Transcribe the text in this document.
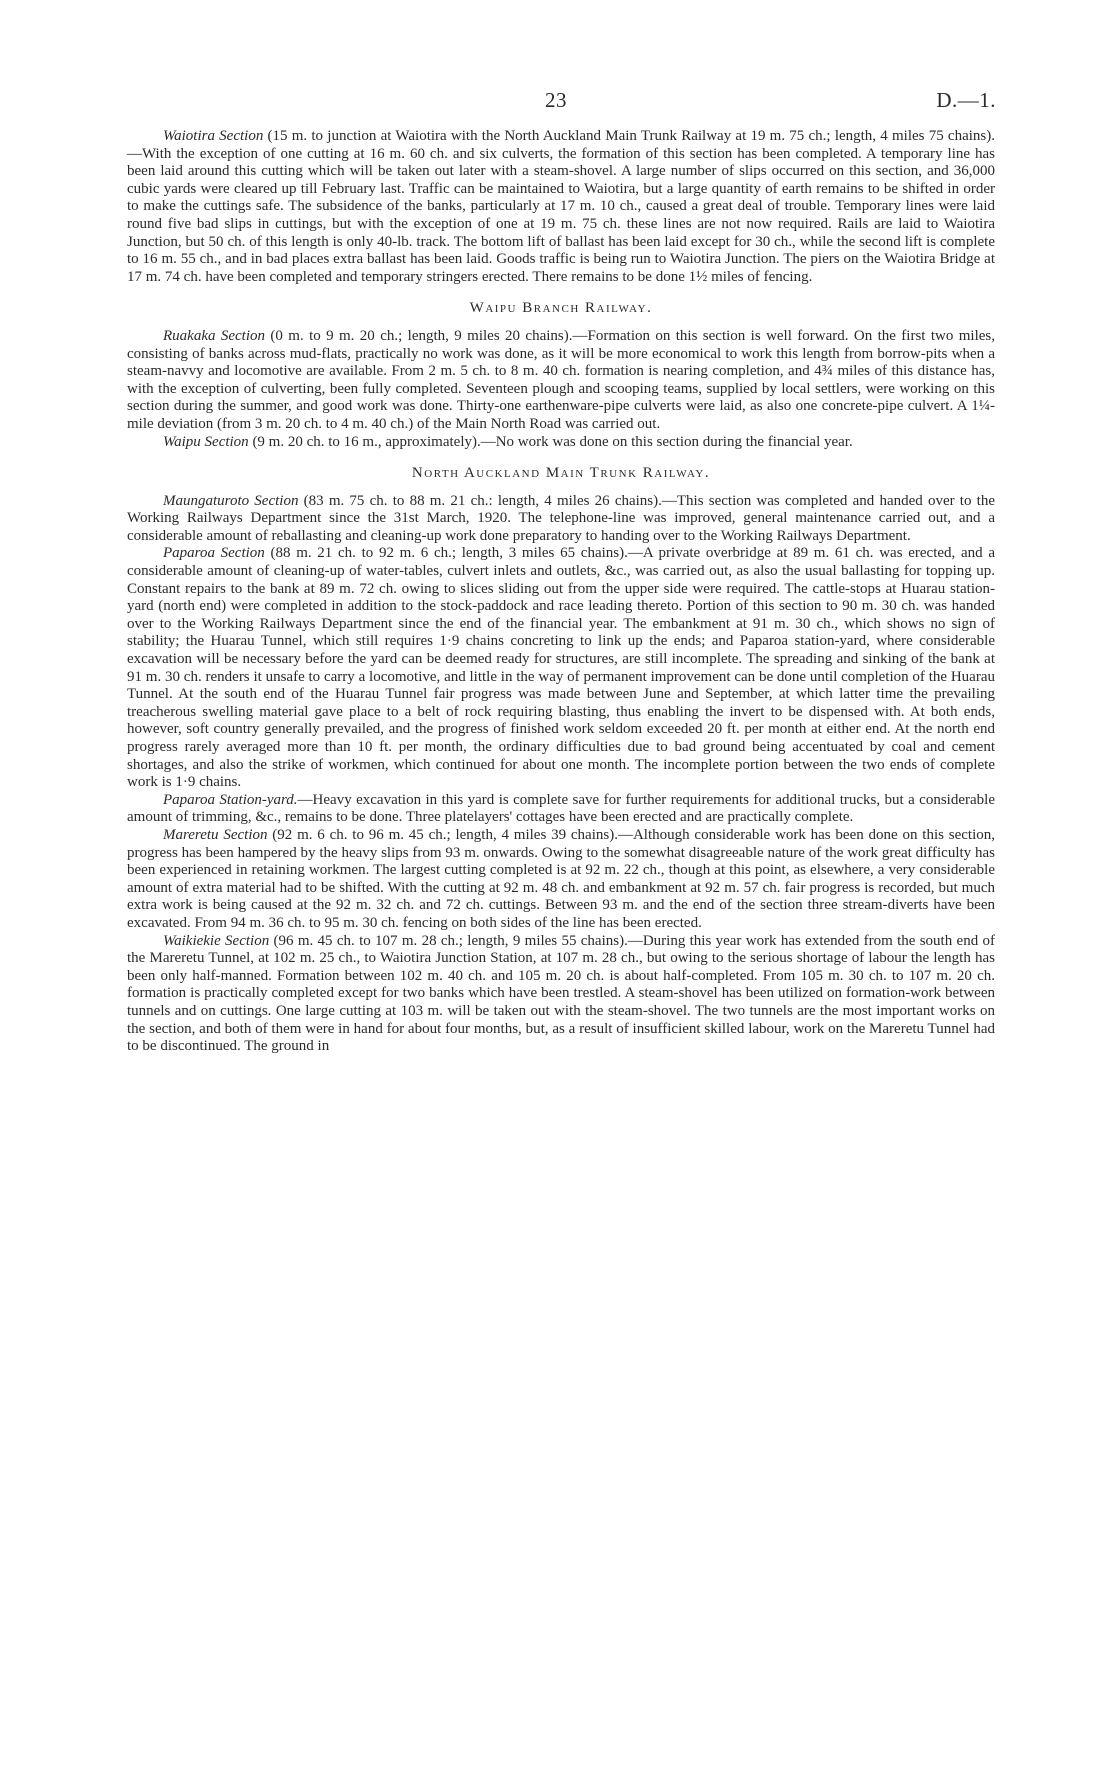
23	D.—1.

Waiotira Section (15 m. to junction at Waiotira with the North Auckland Main Trunk Railway at 19 m. 75 ch.; length, 4 miles 75 chains).—With the exception of one cutting at 16 m. 60 ch. and six culverts, the formation of this section has been completed. A temporary line has been laid around this cutting which will be taken out later with a steam-shovel. A large number of slips occurred on this section, and 36,000 cubic yards were cleared up till February last. Traffic can be maintained to Waiotira, but a large quantity of earth remains to be shifted in order to make the cuttings safe. The subsidence of the banks, particularly at 17 m. 10 ch., caused a great deal of trouble. Temporary lines were laid round five bad slips in cuttings, but with the exception of one at 19 m. 75 ch. these lines are not now required. Rails are laid to Waiotira Junction, but 50 ch. of this length is only 40-lb. track. The bottom lift of ballast has been laid except for 30 ch., while the second lift is complete to 16 m. 55 ch., and in bad places extra ballast has been laid. Goods traffic is being run to Waiotira Junction. The piers on the Waiotira Bridge at 17 m. 74 ch. have been completed and temporary stringers erected. There remains to be done 1½ miles of fencing.

Waipu Branch Railway.

Ruakaka Section (0 m. to 9 m. 20 ch.; length, 9 miles 20 chains).—Formation on this section is well forward. On the first two miles, consisting of banks across mud-flats, practically no work was done, as it will be more economical to work this length from borrow-pits when a steam-navvy and locomotive are available. From 2 m. 5 ch. to 8 m. 40 ch. formation is nearing completion, and 4¾ miles of this distance has, with the exception of culverting, been fully completed. Seventeen plough and scooping teams, supplied by local settlers, were working on this section during the summer, and good work was done. Thirty-one earthenware-pipe culverts were laid, as also one concrete-pipe culvert. A 1¼-mile deviation (from 3 m. 20 ch. to 4 m. 40 ch.) of the Main North Road was carried out.

Waipu Section (9 m. 20 ch. to 16 m., approximately).—No work was done on this section during the financial year.

North Auckland Main Trunk Railway.

Maungaturoto Section (83 m. 75 ch. to 88 m. 21 ch.: length, 4 miles 26 chains).—This section was completed and handed over to the Working Railways Department since the 31st March, 1920. The telephone-line was improved, general maintenance carried out, and a considerable amount of reballasting and cleaning-up work done preparatory to handing over to the Working Railways Department.

Paparoa Section (88 m. 21 ch. to 92 m. 6 ch.; length, 3 miles 65 chains).—A private overbridge at 89 m. 61 ch. was erected, and a considerable amount of cleaning-up of water-tables, culvert inlets and outlets, &c., was carried out, as also the usual ballasting for topping up. Constant repairs to the bank at 89 m. 72 ch. owing to slices sliding out from the upper side were required. The cattle-stops at Huarau station-yard (north end) were completed in addition to the stock-paddock and race leading thereto. Portion of this section to 90 m. 30 ch. was handed over to the Working Railways Department since the end of the financial year. The embankment at 91 m. 30 ch., which shows no sign of stability; the Huarau Tunnel, which still requires 1·9 chains concreting to link up the ends; and Paparoa station-yard, where considerable excavation will be necessary before the yard can be deemed ready for structures, are still incomplete. The spreading and sinking of the bank at 91 m. 30 ch. renders it unsafe to carry a locomotive, and little in the way of permanent improvement can be done until completion of the Huarau Tunnel. At the south end of the Huarau Tunnel fair progress was made between June and September, at which latter time the prevailing treacherous swelling material gave place to a belt of rock requiring blasting, thus enabling the invert to be dispensed with. At both ends, however, soft country generally prevailed, and the progress of finished work seldom exceeded 20 ft. per month at either end. At the north end progress rarely averaged more than 10 ft. per month, the ordinary difficulties due to bad ground being accentuated by coal and cement shortages, and also the strike of workmen, which continued for about one month. The incomplete portion between the two ends of complete work is 1·9 chains.

Paparoa Station-yard.—Heavy excavation in this yard is complete save for further requirements for additional trucks, but a considerable amount of trimming, &c., remains to be done. Three platelayers' cottages have been erected and are practically complete.

Mareretu Section (92 m. 6 ch. to 96 m. 45 ch.; length, 4 miles 39 chains).—Although considerable work has been done on this section, progress has been hampered by the heavy slips from 93 m. onwards. Owing to the somewhat disagreeable nature of the work great difficulty has been experienced in retaining workmen. The largest cutting completed is at 92 m. 22 ch., though at this point, as elsewhere, a very considerable amount of extra material had to be shifted. With the cutting at 92 m. 48 ch. and embankment at 92 m. 57 ch. fair progress is recorded, but much extra work is being caused at the 92 m. 32 ch. and 72 ch. cuttings. Between 93 m. and the end of the section three stream-diverts have been excavated. From 94 m. 36 ch. to 95 m. 30 ch. fencing on both sides of the line has been erected.

Waikiekie Section (96 m. 45 ch. to 107 m. 28 ch.; length, 9 miles 55 chains).—During this year work has extended from the south end of the Mareretu Tunnel, at 102 m. 25 ch., to Waiotira Junction Station, at 107 m. 28 ch., but owing to the serious shortage of labour the length has been only half-manned. Formation between 102 m. 40 ch. and 105 m. 20 ch. is about half-completed. From 105 m. 30 ch. to 107 m. 20 ch. formation is practically completed except for two banks which have been trestled. A steam-shovel has been utilized on formation-work between tunnels and on cuttings. One large cutting at 103 m. will be taken out with the steam-shovel. The two tunnels are the most important works on the section, and both of them were in hand for about four months, but, as a result of insufficient skilled labour, work on the Mareretu Tunnel had to be discontinued. The ground in
